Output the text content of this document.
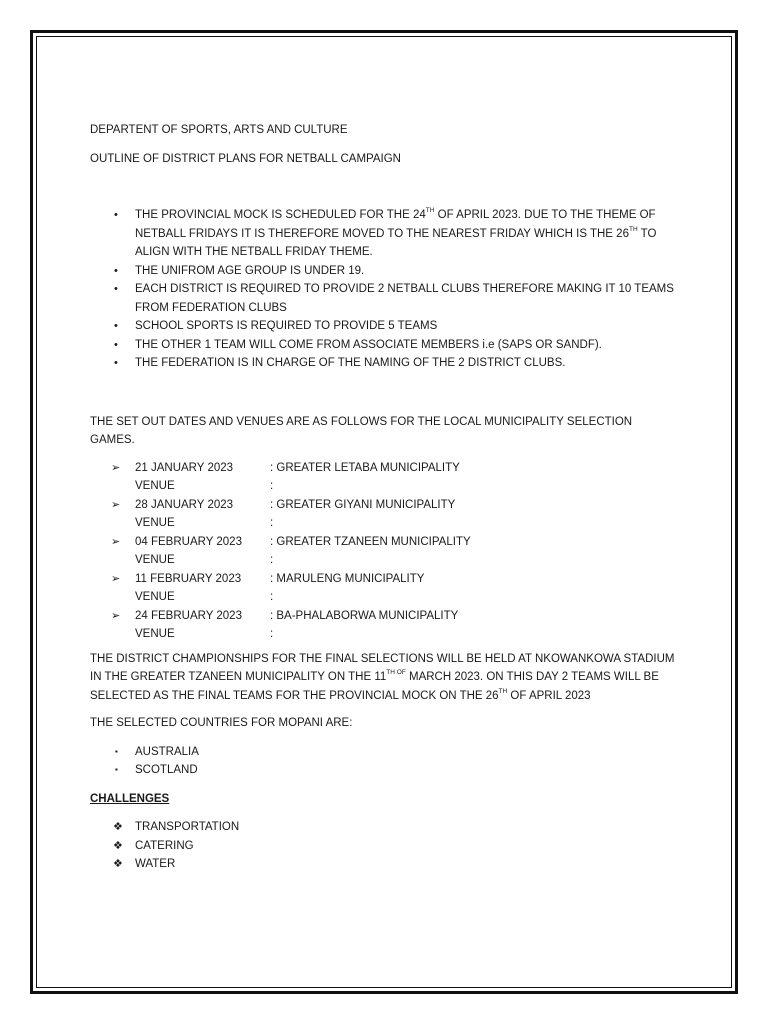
DEPARTENT OF SPORTS, ARTS AND CULTURE

OUTLINE OF DISTRICT PLANS FOR NETBALL CAMPAIGN

• THE PROVINCIAL MOCK IS SCHEDULED FOR THE 24TH OF APRIL 2023. DUE TO THE THEME OF NETBALL FRIDAYS IT IS THEREFORE MOVED TO THE NEAREST FRIDAY WHICH IS THE 26TH TO ALIGN WITH THE NETBALL FRIDAY THEME.
• THE UNIFROM AGE GROUP IS UNDER 19.
• EACH DISTRICT IS REQUIRED TO PROVIDE 2 NETBALL CLUBS THEREFORE MAKING IT 10 TEAMS FROM FEDERATION CLUBS
• SCHOOL SPORTS IS REQUIRED TO PROVIDE 5 TEAMS
• THE OTHER 1 TEAM WILL COME FROM ASSOCIATE MEMBERS i.e (SAPS OR SANDF).
• THE FEDERATION IS IN CHARGE OF THE NAMING OF THE 2 DISTRICT CLUBS.

THE SET OUT DATES AND VENUES ARE AS FOLLOWS FOR THE LOCAL MUNICIPALITY SELECTION GAMES.

➢ 21 JANUARY 2023	: GREATER LETABA MUNICIPALITY
VENUE	:
➢ 28 JANUARY 2023	: GREATER GIYANI MUNICIPALITY
VENUE	:
➢ 04 FEBRUARY 2023 : GREATER TZANEEN MUNICIPALITY
VENUE	:
➢ 11 FEBRUARY 2023	: MARULENG MUNICIPALITY
VENUE	:
➢ 24 FEBRUARY 2023 : BA-PHALABORWA MUNICIPALITY
VENUE	:

THE DISTRICT CHAMPIONSHIPS FOR THE FINAL SELECTIONS WILL BE HELD AT NKOWANKOWA STADIUM IN THE GREATER TZANEEN MUNICIPALITY ON THE $11^{TH OF}$ MARCH 2023. ON THIS DAY 2 TEAMS WILL BE SELECTED AS THE FINAL TEAMS FOR THE PROVINCIAL MOCK ON THE 26TH OF APRIL 2023

THE SELECTED COUNTRIES FOR MOPANI ARE:

▪ AUSTRALIA
▪ SCOTLAND

CHALLENGES

❖ TRANSPORTATION
❖ CATERING
❖ WATER
